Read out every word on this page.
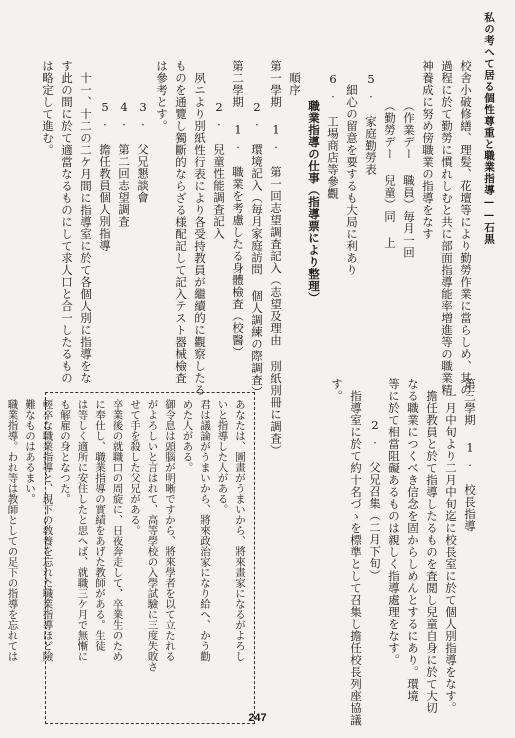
私の考へて居る個性尊重と職業指導——石黒
校舎小破修繕、理髪、花壇等により勤勞作業に當らしめ、其の
過程に於て勤勞に慣れしむと共に部面指導能率増進等の職業精
神養成に努め傍職業の指導をなす
（作業デー 職員）毎月一回
（勤勞デー 兒童）同 上
5. 家庭勤勞表
細心の留意を要するも大局に利あり
6. 工場商店等參觀
職業指導の仕事（指導票により整理）
順序
第一學期 1. 第一回志望調査記入（志望及理由 別紙別冊に調査）
2. 環境記入（毎月家庭訪問 個人調練の際調査）
第二學期 1. 職業を考慮したる身體檢査（校醫）
2. 兒童性能調査記入
夙ニより別紙性行表により各受持教員が繼續的に觀察したる
ものを通覽し獨斷的ならざる様配記して記入テスト器械檢査
は參考とす。
3. 父兄懇談會
4. 第二回志望調査
5. 擔任教員個人別指導
十一、十二の二ケ月間に指導室に於て各個人別に指導をな
す此の間に於て適當なるものにして求人口と合一したるもの
は略定して進む。
第三學期 1. 校長指導
一月中旬より二月中旬迄に校長室に於て個人別指導をなす。
擔任教員と於て指導したるものを査閲し兒童自身に於て大切
なる職業につくべき信念を固からしめんとするにあり。環境
等に於て相當阻礙あるものは親しく指導處理をなす。
2. 父兄召集（二月下旬）
指導室に於て約十名づゝを標準として召集し擔任校長列座協議
す。
あなたは、圖畫がうまいから、將來畫家になるがよろし
いと指導した人がある。
君は議論がうまいから、將來政治家になり給へ、かう勸
めた人がある。
御令息は頭腦が明晰ですから、將來學者を以て立たれる
がよろしいと言はれて、高等學校の入學試驗に三度失敗さ
せて手を殺した父兄がある。
卒業後の就職口の周旋に、日夜奔走して、卒業生のため
に奉仕し、職業指導の實績をあげた教師がある。生徒
は等しく適所に安住したと思へば、就職三ケ月で無慚に
も解雇の身となつた。
輕卒な職業指導と、現下の敎養を忘れた職業指導ほど險
難なものはあるまい。
職業指導。われ等は教師としての足下の指導を忘れては
247
